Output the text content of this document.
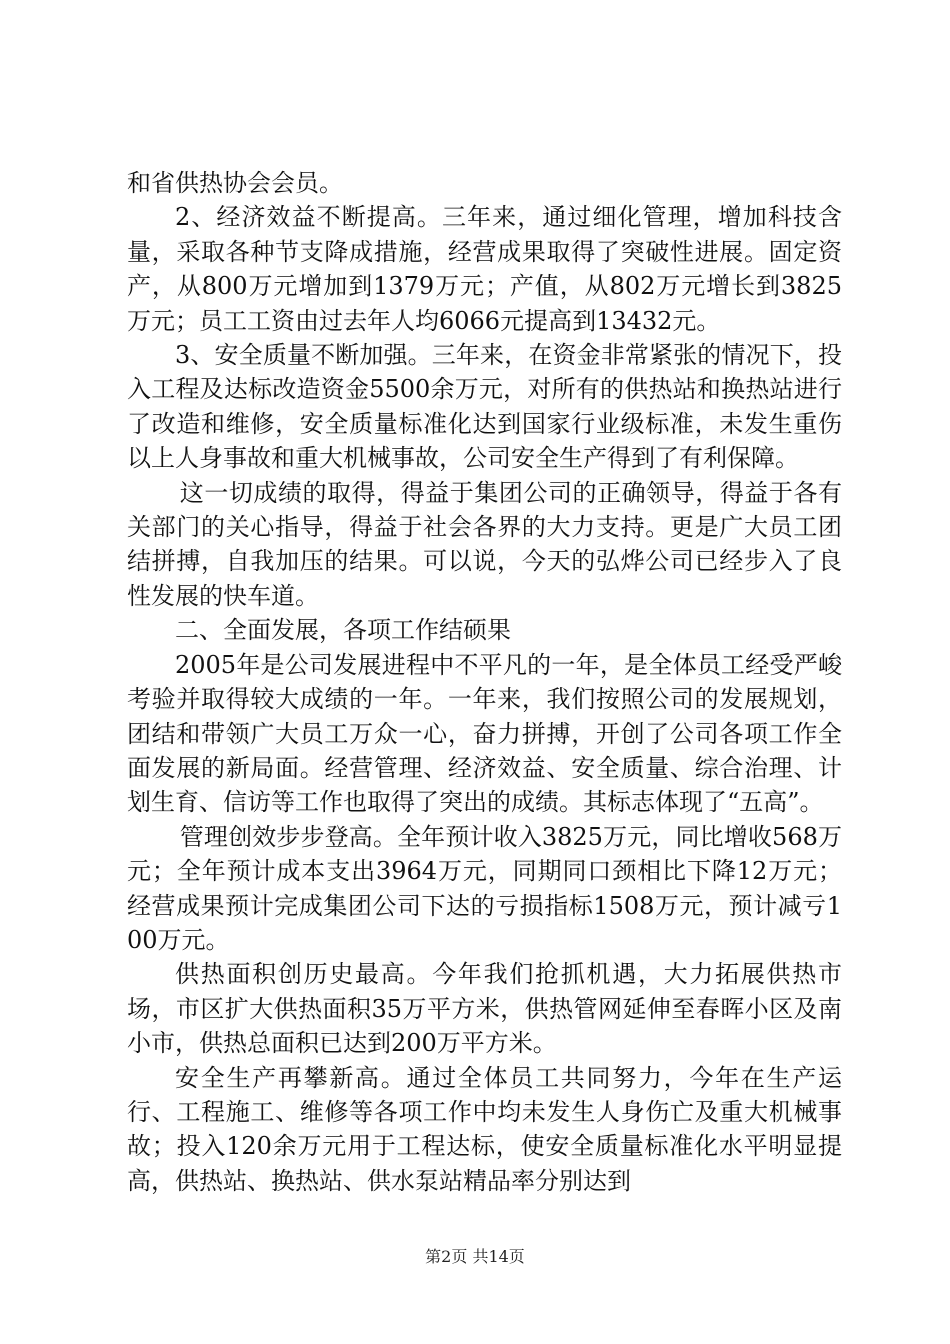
和省供热协会会员。

2、经济效益不断提高。三年来，通过细化管理，增加科技含量，采取各种节支降成措施，经营成果取得了突破性进展。固定资产，从800万元增加到1379万元；产值，从802万元增长到3825万元；员工工资由过去年人均6066元提高到13432元。

3、安全质量不断加强。三年来，在资金非常紧张的情况下，投入工程及达标改造资金5500余万元，对所有的供热站和换热站进行了改造和维修，安全质量标准化达到国家行业级标准，未发生重伤以上人身事故和重大机械事故，公司安全生产得到了有利保障。

这一切成绩的取得，得益于集团公司的正确领导，得益于各有关部门的关心指导，得益于社会各界的大力支持。更是广大员工团结拼搏，自我加压的结果。可以说，今天的弘烨公司已经步入了良性发展的快车道。

二、全面发展，各项工作结硕果

2005年是公司发展进程中不平凡的一年，是全体员工经受严峻考验并取得较大成绩的一年。一年来，我们按照公司的发展规划，团结和带领广大员工万众一心，奋力拼搏，开创了公司各项工作全面发展的新局面。经营管理、经济效益、安全质量、综合治理、计划生育、信访等工作也取得了突出的成绩。其标志体现了“五高”。

管理创效步步登高。全年预计收入3825万元，同比增收568万元；全年预计成本支出3964万元，同期同口颈相比下降12万元；经营成果预计完成集团公司下达的亏损指标1508万元，预计减亏100万元。

供热面积创历史最高。今年我们抢抓机遇，大力拓展供热市场，市区扩大供热面积35万平方米，供热管网延伸至春晖小区及南小市，供热总面积已达到200万平方米。

安全生产再攀新高。通过全体员工共同努力，今年在生产运行、工程施工、维修等各项工作中均未发生人身伤亡及重大机械事故；投入120余万元用于工程达标，使安全质量标准化水平明显提高，供热站、换热站、供水泵站精品率分别达到

第2页 共14页
